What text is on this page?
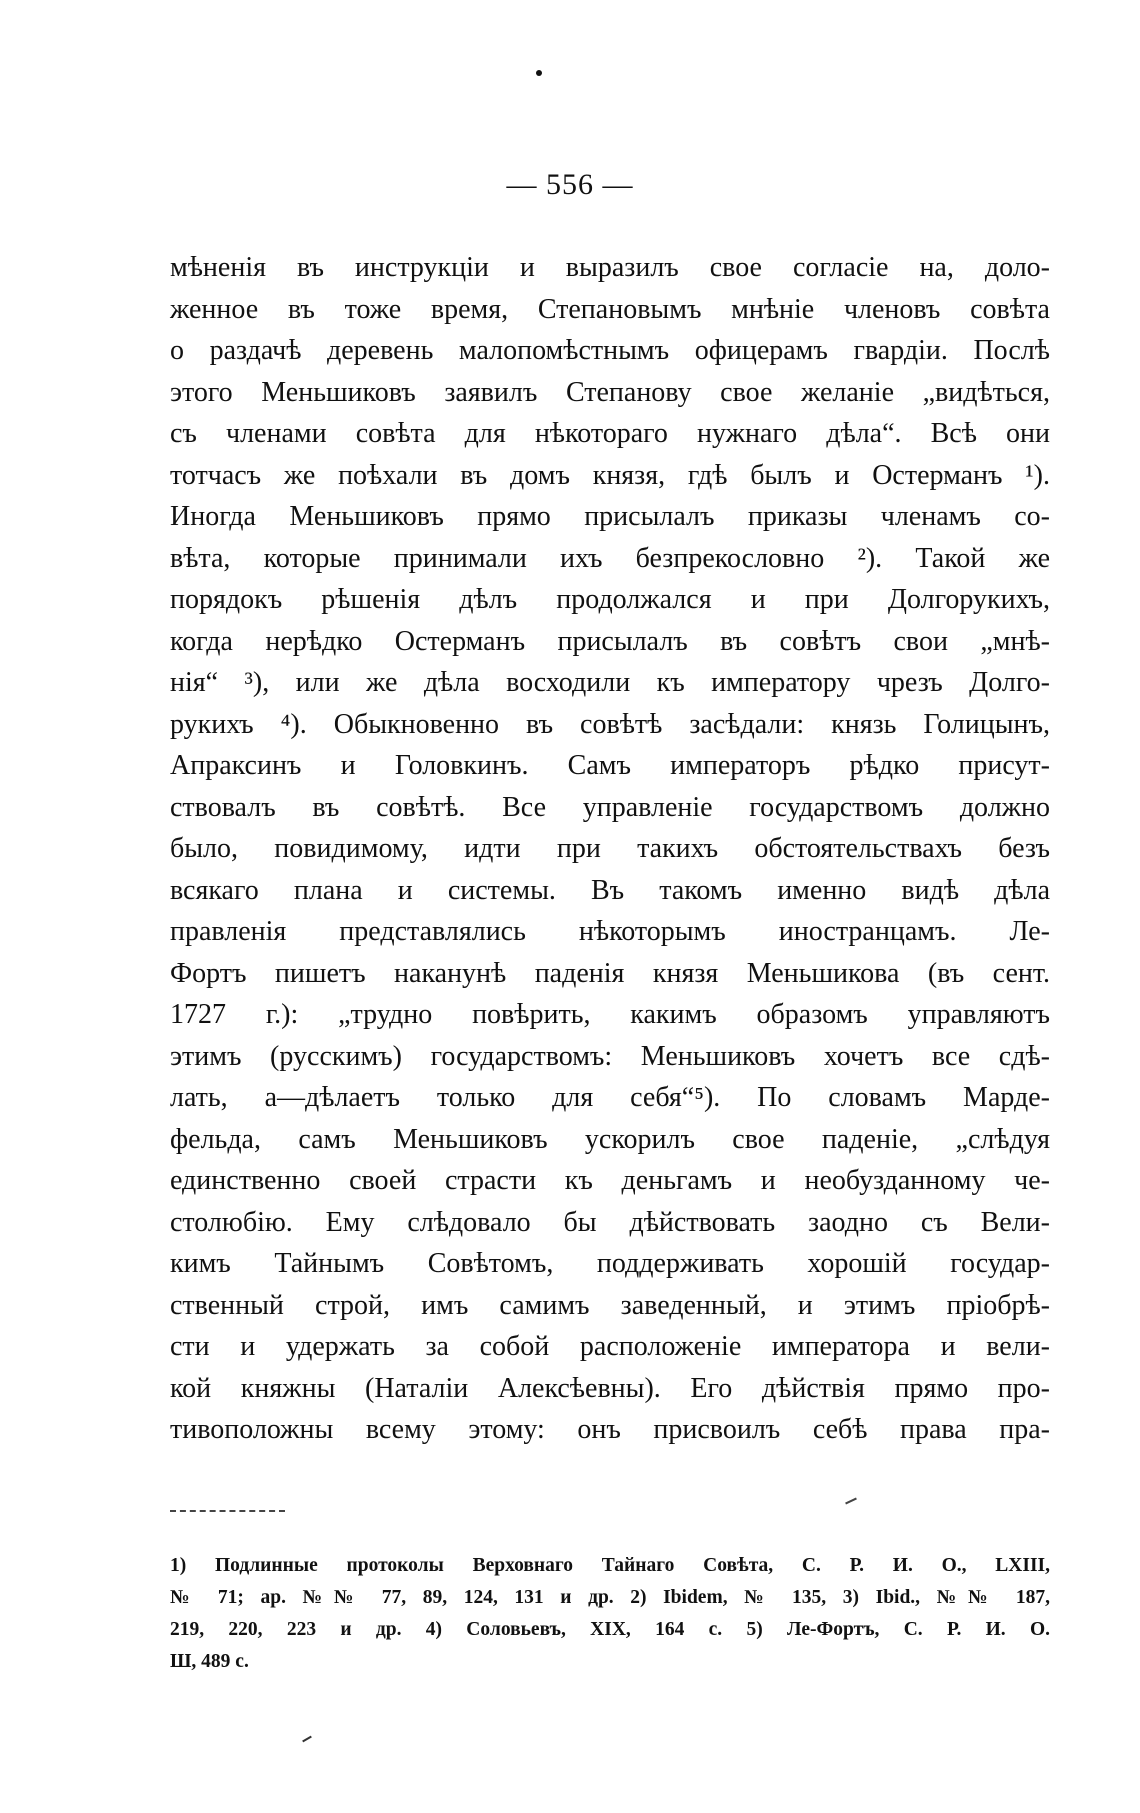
— 556 —
мѣненія въ инструкціи и выразилъ свое согласіе на, доло-
женное въ тоже время, Степановымъ мнѣніе членовъ совѣта
о раздачѣ деревень малопомѣстнымъ офицерамъ гвардіи. Послѣ
этого Меньшиковъ заявилъ Степанову свое желаніе „видѣться,
съ членами совѣта для нѣкотораго нужнаго дѣла“. Всѣ они
тотчасъ же поѣхали въ домъ князя, гдѣ былъ и Остерманъ ¹).
Иногда Меньшиковъ прямо присылалъ приказы членамъ со-
вѣта, которые принимали ихъ безпрекословно ²). Такой же
порядокъ рѣшенія дѣлъ продолжался и при Долгорукихъ,
когда нерѣдко Остерманъ присылалъ въ совѣтъ свои „мнѣ-
нія“ ³), или же дѣла восходили къ императору чрезъ Долго-
рукихъ ⁴). Обыкновенно въ совѣтѣ засѣдали: князь Голицынъ,
Апраксинъ и Головкинъ. Самъ императоръ рѣдко присут-
ствовалъ въ совѣтѣ. Все управленіе государствомъ должно
было, повидимому, идти при такихъ обстоятельствахъ безъ
всякаго плана и системы. Въ такомъ именно видѣ дѣла
правленія представлялись нѣкоторымъ иностранцамъ. Ле-
Фортъ пишетъ наканунѣ паденія князя Меньшикова (въ сент.
1727 г.): „трудно повѣрить, какимъ образомъ управляютъ
этимъ (русскимъ) государствомъ: Меньшиковъ хочетъ все сдѣ-
лать, а—дѣлаетъ только для себя“⁵). По словамъ Марде-
фельда, самъ Меньшиковъ ускорилъ свое паденіе, „слѣдуя
единственно своей страсти къ деньгамъ и необузданному че-
столюбію. Ему слѣдовало бы дѣйствовать заодно съ Вели-
кимъ Тайнымъ Совѣтомъ, поддерживать хорошій государ-
ственный строй, имъ самимъ заведенный, и этимъ пріобрѣ-
сти и удержать за собой расположеніе императора и вели-
кой княжны (Наталіи Алексѣевны). Его дѣйствія прямо про-
тивоположны всему этому: онъ присвоилъ себѣ права пра-
1) Подлинные протоколы Верховнаго Тайнаго Совѣта, С. Р. И. О., LXIII,
№ 71; ар. №№ 77, 89, 124, 131 и др. 2) Ibidem, № 135, 3) Ibid., №№ 187,
219, 220, 223 и др. 4) Соловьевъ, XIX, 164 с. 5) Ле-Фортъ, С. Р. И. О.
Ш, 489 с.
